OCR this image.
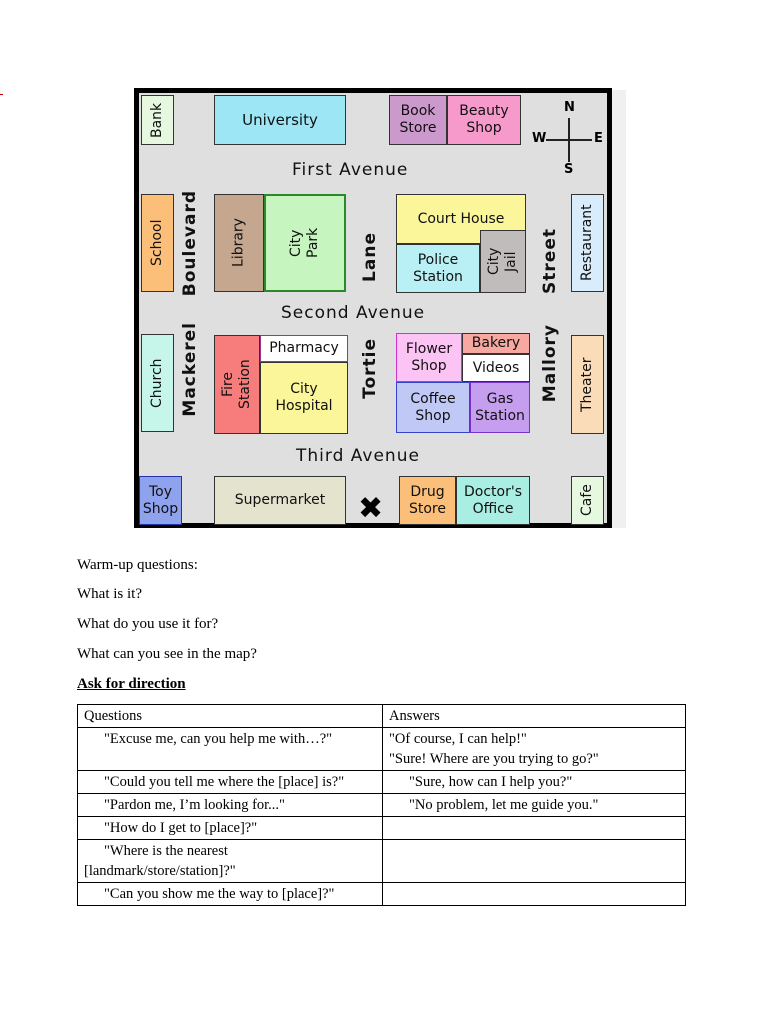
Bank	University	Book
Store
Beauty
Shop
N
S
W	E
First Avenue
School Boulevard	Library	City
Park	Lane
Court House
Police
Station
City
Jail	Street	Restaurant
Second Avenue
Church Mackerel	Fire
Station
Pharmacy
City
Hospital
Tortie	Flower
Shop
Bakery
Videos
Coffee
Shop
Gas
Station
Mallory	Theater
Third Avenue
Toy
Shop
Supermarket	✖	Drug
Store
Doctor's
Office	Cafe
Warm-up questions:
What is it?
What do you use it for?
What can you see in the map?
Ask for direction
Questions	Answers

"Excuse me, can you help me with…?"	"Of course, I can help!"
"Sure! Where are you trying to go?"

"Could you tell me where the [place] is?"	"Sure, how can I help you?"

"Pardon me, I’m looking for..."	"No problem, let me guide you."

"How do I get to [place]?"	

"Where is the nearest
[landmark/store/station]?"	

"Can you show me the way to [place]?"	
